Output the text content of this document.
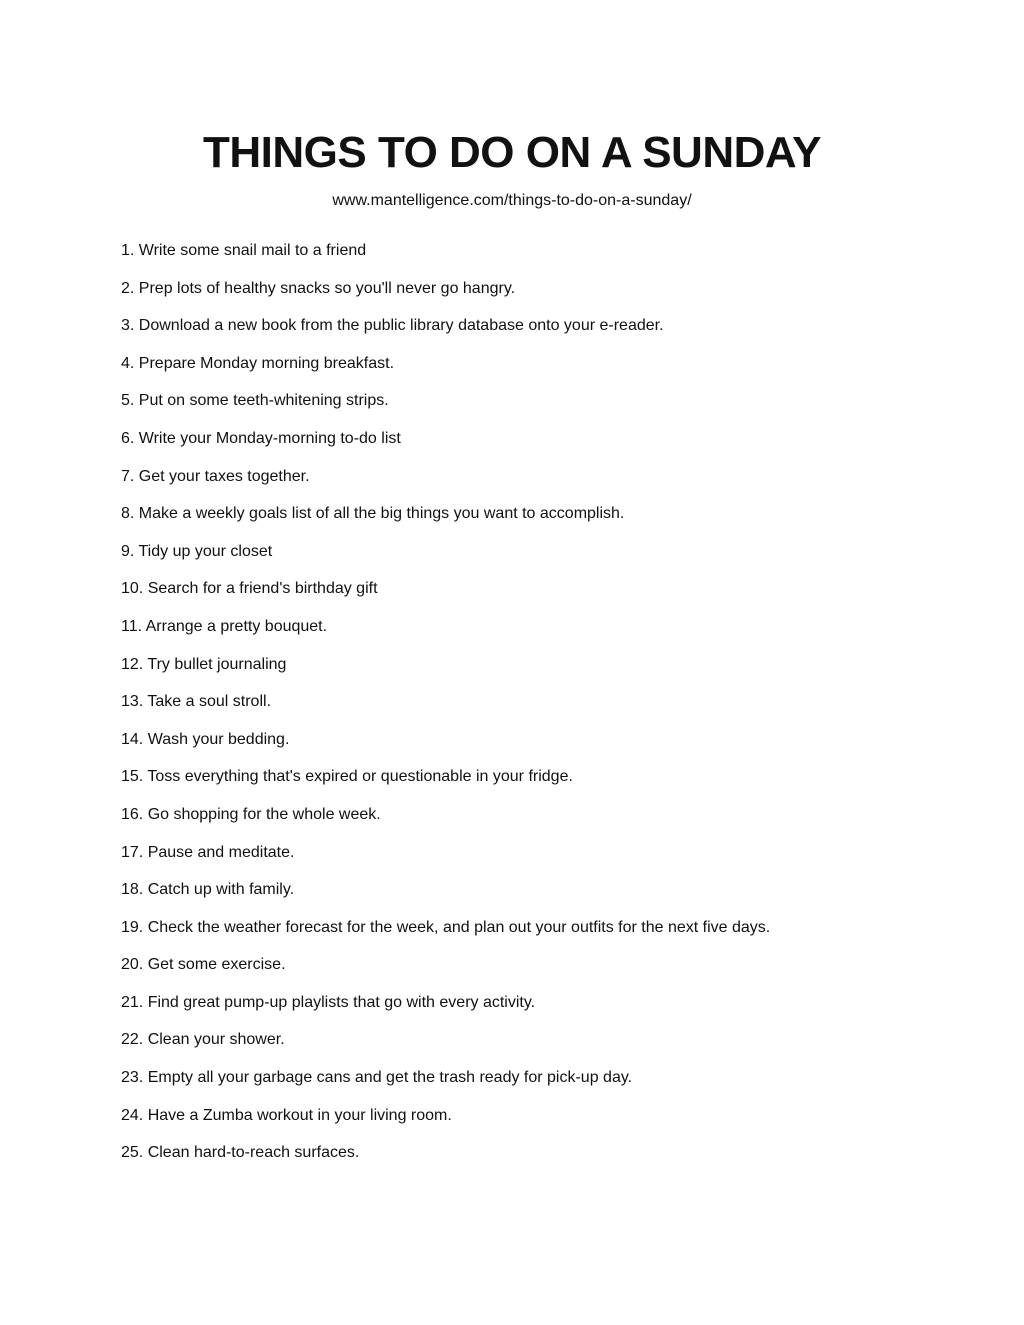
THINGS TO DO ON A SUNDAY

www.mantelligence.com/things-to-do-on-a-sunday/

1. Write some snail mail to a friend
2. Prep lots of healthy snacks so you'll never go hangry.
3. Download a new book from the public library database onto your e-reader.
4. Prepare Monday morning breakfast.
5. Put on some teeth-whitening strips.
6. Write your Monday-morning to-do list
7. Get your taxes together.
8. Make a weekly goals list of all the big things you want to accomplish.
9. Tidy up your closet
10. Search for a friend's birthday gift
11. Arrange a pretty bouquet.
12. Try bullet journaling
13. Take a soul stroll.
14. Wash your bedding.
15. Toss everything that's expired or questionable in your fridge.
16. Go shopping for the whole week.
17. Pause and meditate.
18. Catch up with family.
19. Check the weather forecast for the week, and plan out your outfits for the next five days.
20. Get some exercise.
21. Find great pump-up playlists that go with every activity.
22. Clean your shower.
23. Empty all your garbage cans and get the trash ready for pick-up day.
24. Have a Zumba workout in your living room.
25. Clean hard-to-reach surfaces.
